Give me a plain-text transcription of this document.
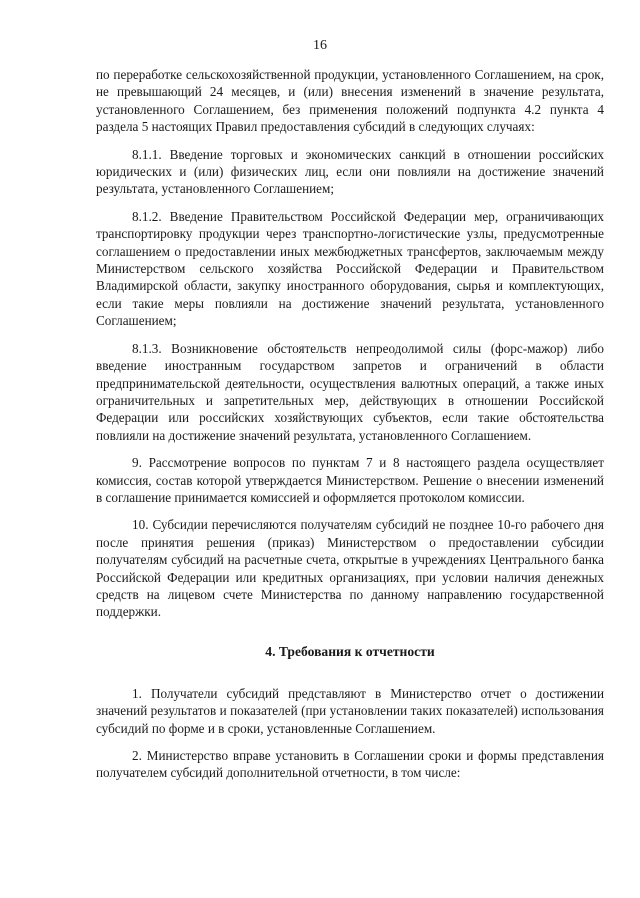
16

по переработке сельскохозяйственной продукции, установленного Соглашением, на срок, не превышающий 24 месяцев, и (или) внесения изменений в значение результата, установленного Соглашением, без применения положений подпункта 4.2 пункта 4 раздела 5 настоящих Правил предоставления субсидий в следующих случаях:

8.1.1. Введение торговых и экономических санкций в отношении российских юридических и (или) физических лиц, если они повлияли на достижение значений результата, установленного Соглашением;

8.1.2. Введение Правительством Российской Федерации мер, ограничивающих транспортировку продукции через транспортно-логистические узлы, предусмотренные соглашением о предоставлении иных межбюджетных трансфертов, заключаемым между Министерством сельского хозяйства Российской Федерации и Правительством Владимирской области, закупку иностранного оборудования, сырья и комплектующих, если такие меры повлияли на достижение значений результата, установленного Соглашением;

8.1.3. Возникновение обстоятельств непреодолимой силы (форс-мажор) либо введение иностранным государством запретов и ограничений в области предпринимательской деятельности, осуществления валютных операций, а также иных ограничительных и запретительных мер, действующих в отношении Российской Федерации или российских хозяйствующих субъектов, если такие обстоятельства повлияли на достижение значений результата, установленного Соглашением.

9. Рассмотрение вопросов по пунктам 7 и 8 настоящего раздела осуществляет комиссия, состав которой утверждается Министерством. Решение о внесении изменений в соглашение принимается комиссией и оформляется протоколом комиссии.

10. Субсидии перечисляются получателям субсидий не позднее 10-го рабочего дня после принятия решения (приказ) Министерством о предоставлении субсидии получателям субсидий на расчетные счета, открытые в учреждениях Центрального банка Российской Федерации или кредитных организациях, при условии наличия денежных средств на лицевом счете Министерства по данному направлению государственной поддержки.

4. Требования к отчетности

1. Получатели субсидий представляют в Министерство отчет о достижении значений результатов и показателей (при установлении таких показателей) использования субсидий по форме и в сроки, установленные Соглашением.

2. Министерство вправе установить в Соглашении сроки и формы представления получателем субсидий дополнительной отчетности, в том числе:
